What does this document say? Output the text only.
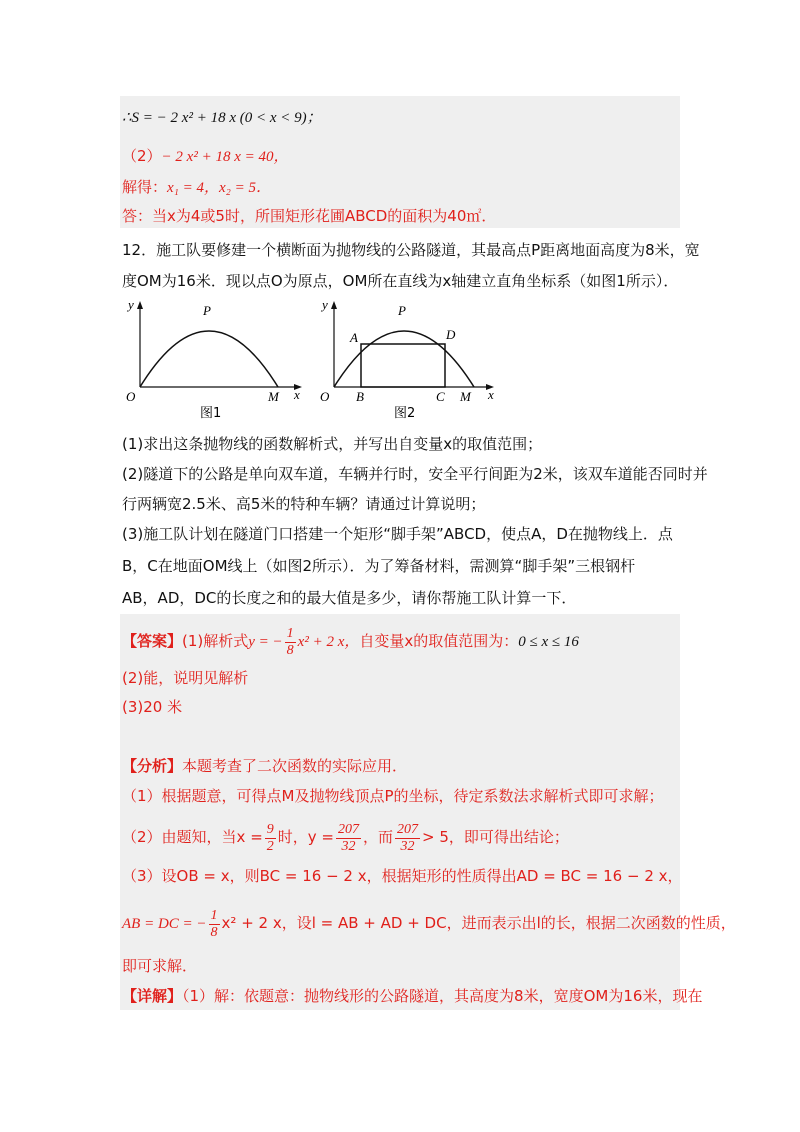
∴S = − 2 x² + 18 x (0 < x < 9)；
（2）− 2 x² + 18 x = 40，
解得：x₁ = 4，x₂ = 5．
答：当x为4或5时，所围矩形花圃ABCD的面积为40㎡．
12．施工队要修建一个横断面为抛物线的公路隧道，其最高点P距离地面高度为8米，宽
度OM为16米．现以点O为原点，OM所在直线为x轴建立直角坐标系（如图1所示）．
y	P
O	M x
图1
y	P
A	D
O B	C M x
图2
(1)求出这条抛物线的函数解析式，并写出自变量x的取值范围；
(2)隧道下的公路是单向双车道，车辆并行时，安全平行间距为2米，该双车道能否同时并
行两辆宽2.5米、高5米的特种车辆？请通过计算说明；
(3)施工队计划在隧道门口搭建一个矩形“脚手架”ABCD，使点A，D在抛物线上．点
B，C在地面OM线上（如图2所示）．为了筹备材料，需测算“脚手架”三根钢杆
AB，AD，DC的长度之和的最大值是多少，请你帮施工队计算一下．
【答案】(1)解析式y = − $\frac{1}{8} x^2 + 2$ x，自变量x的取值范围为：0 ≤ x ≤ 16
(2)能，说明见解析
(3)20 米
【分析】本题考查了二次函数的实际应用．
（1）根据题意，可得点M及抛物线顶点P的坐标，待定系数法求解析式即可求解；
（2）由题知，当$x = \frac{9}{2}$ 时，$y = \frac{207}{32}$ ，而 $\frac{207}{32} > 5$，即可得出结论；
（3）设OB = x，则BC = 16 − 2 x，根据矩形的性质得出AD = BC = 16 − 2 x，
AB = DC = − $\frac{1}{8} x^2 + 2$ x，设l = AB + AD + DC，进而表示出l的长，根据二次函数的性质，
即可求解．
【详解】（1）解：依题意：抛物线形的公路隧道，其高度为8米，宽度OM为16米，现在
